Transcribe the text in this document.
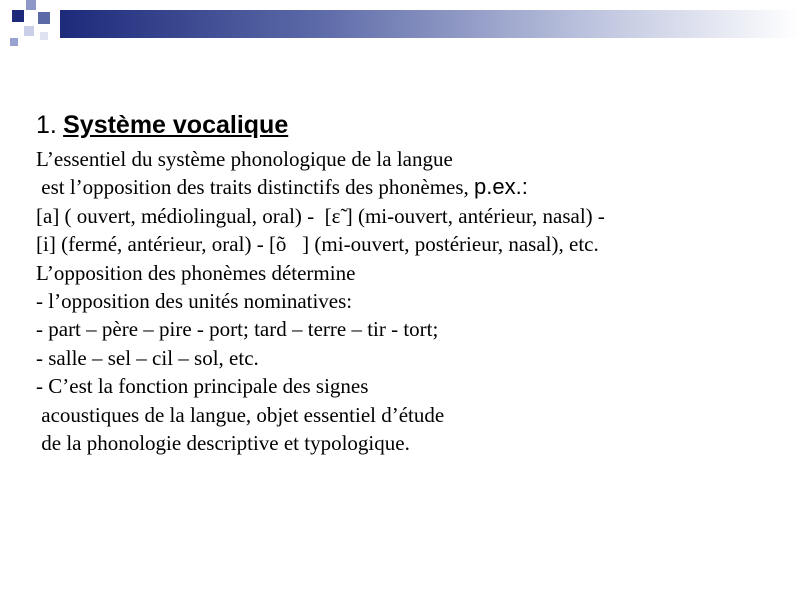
1. Système vocalique
L’essentiel du système phonologique de la langue
est l’opposition des traits distinctifs des phonèmes, p.ex.:
[a] ( ouvert, médiolingual, oral) -  [ɛ̃ ] (mi-ouvert, antérieur, nasal) -
[i] (fermé, antérieur, oral) - [õ   ] (mi-ouvert, postérieur, nasal), etc.
L’opposition des phonèmes détermine
- l’opposition des unités nominatives:
- part – père – pire - port; tard – terre – tir - tort;
- salle – sel – cil – sol, etc.
- C’est la fonction principale des signes
acoustiques de la langue, objet essentiel d’étude
de la phonologie descriptive et typologique.
